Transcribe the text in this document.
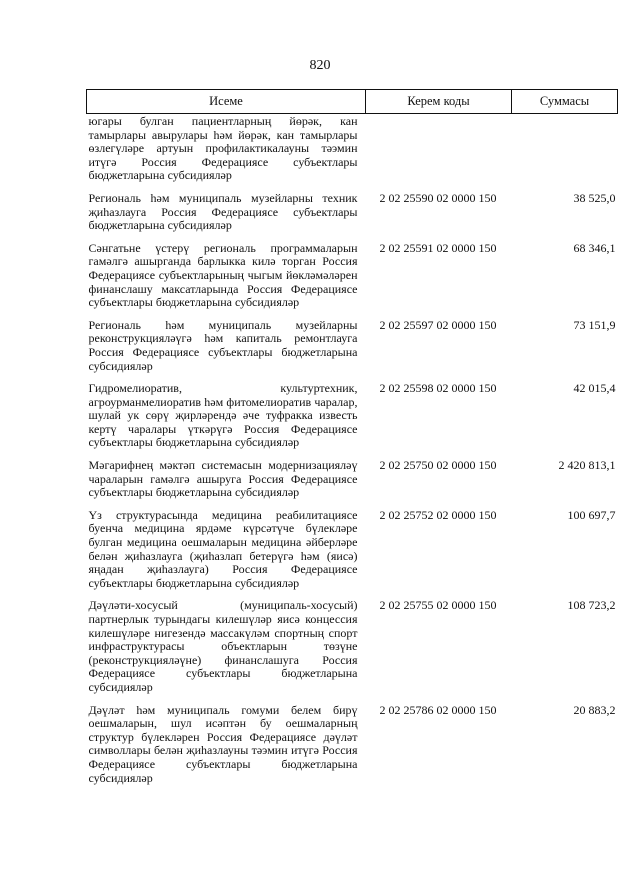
820
Исеме	Керем коды	Суммасы
югары булган пациентларның йөрәк, кан тамырлары авырулары һәм йөрәк, кан тамырлары өзлегүләре артуын профилактикалауны тәэмин итүгә Россия Федерациясе субъектлары бюджетларына субсидияләр		
Региональ һәм муниципаль музейларны техник җиһазлауга Россия Федерациясе субъектлары бюджетларына субсидияләр	2 02 25590 02 0000 150	38 525,0
Сәнгатьне үстерү региональ программаларын гамәлгә ашырганда барлыкка килә торган Россия Федерациясе субъектларының чыгым йөкләмәләрен финанслашу максатларында Россия Федерациясе субъектлары бюджетларына субсидияләр	2 02 25591 02 0000 150	68 346,1
Региональ һәм муниципаль музейларны реконструкцияләүгә һәм капиталь ремонтлауга Россия Федерациясе субъектлары бюджетларына субсидияләр	2 02 25597 02 0000 150	73 151,9
Гидромелиоратив, культуртехник, агроурманмелиоратив һәм фитомелиоратив чаралар, шулай ук сөрү җирләрендә әче туфракка известь кертү чаралары үткәрүгә Россия Федерациясе субъектлары бюджетларына субсидияләр	2 02 25598 02 0000 150	42 015,4
Мәгарифнең мәктәп системасын модернизацияләү чараларын гамәлгә ашыруга Россия Федерациясе субъектлары бюджетларына субсидияләр	2 02 25750 02 0000 150	2 420 813,1
Үз структурасында медицина реабилитациясе буенча медицина ярдәме күрсәтүче бүлекләре булган медицина оешмаларын медицина әйберләре белән җиһазлауга (җиһазлап бетерүгә һәм (яисә) яңадан җиһазлауга) Россия Федерациясе субъектлары бюджетларына субсидияләр	2 02 25752 02 0000 150	100 697,7
Дәүләти-хосусый (муниципаль-хосусый) партнерлык турындагы килешүләр яисә концессия килешүләре нигезендә массакүләм спортның спорт инфраструктурасы объектларын төзүне (реконструкцияләүне) финанслашуга Россия Федерациясе субъектлары бюджетларына субсидияләр	2 02 25755 02 0000 150	108 723,2
Дәүләт һәм муниципаль гомуми белем бирү оешмаларын, шул исәптән бу оешмаларның структур бүлекләрен Россия Федерациясе дәүләт символлары белән җиһазлауны тәэмин итүгә Россия Федерациясе субъектлары бюджетларына субсидияләр	2 02 25786 02 0000 150	20 883,2
